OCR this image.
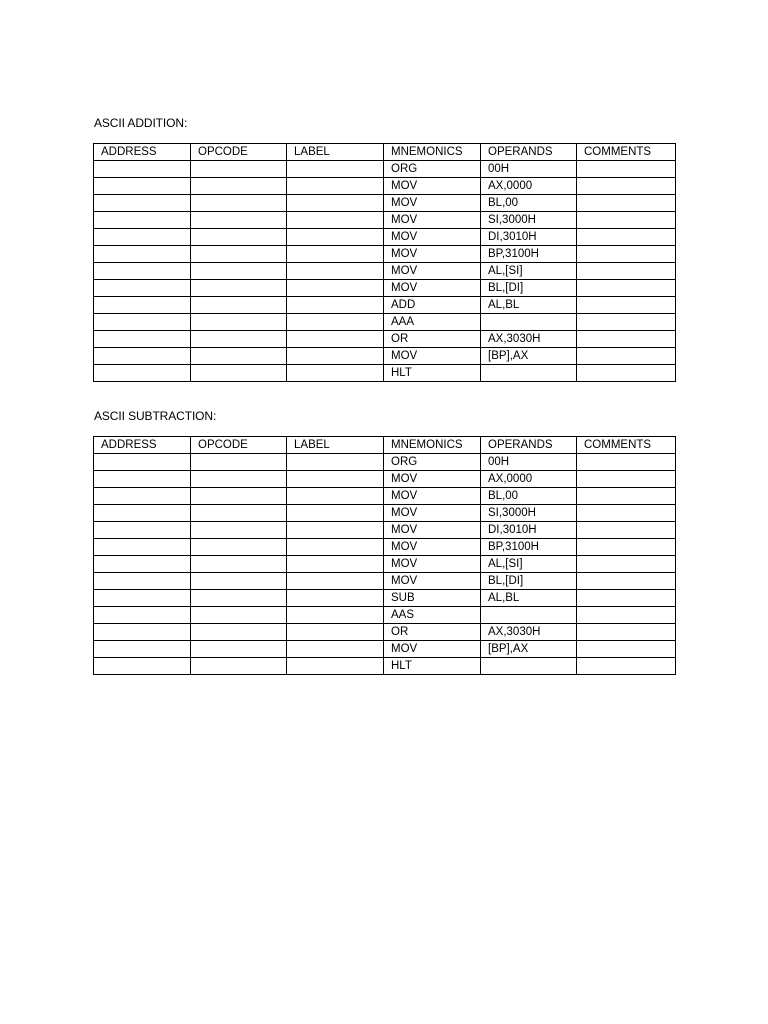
ASCII ADDITION:
ADDRESS	OPCODE	LABEL	MNEMONICS	OPERANDS	COMMENTS
			ORG	00H	
			MOV	AX,0000	
			MOV	BL,00	
			MOV	SI,3000H	
			MOV	DI,3010H	
			MOV	BP,3100H	
			MOV	AL,[SI]	
			MOV	BL,[DI]	
			ADD	AL,BL	
			AAA		
			OR	AX,3030H	
			MOV	[BP],AX	
			HLT		
ASCII SUBTRACTION:
ADDRESS	OPCODE	LABEL	MNEMONICS	OPERANDS	COMMENTS
			ORG	00H	
			MOV	AX,0000	
			MOV	BL,00	
			MOV	SI,3000H	
			MOV	DI,3010H	
			MOV	BP,3100H	
			MOV	AL,[SI]	
			MOV	BL,[DI]	
			SUB	AL,BL	
			AAS		
			OR	AX,3030H	
			MOV	[BP],AX	
			HLT		
